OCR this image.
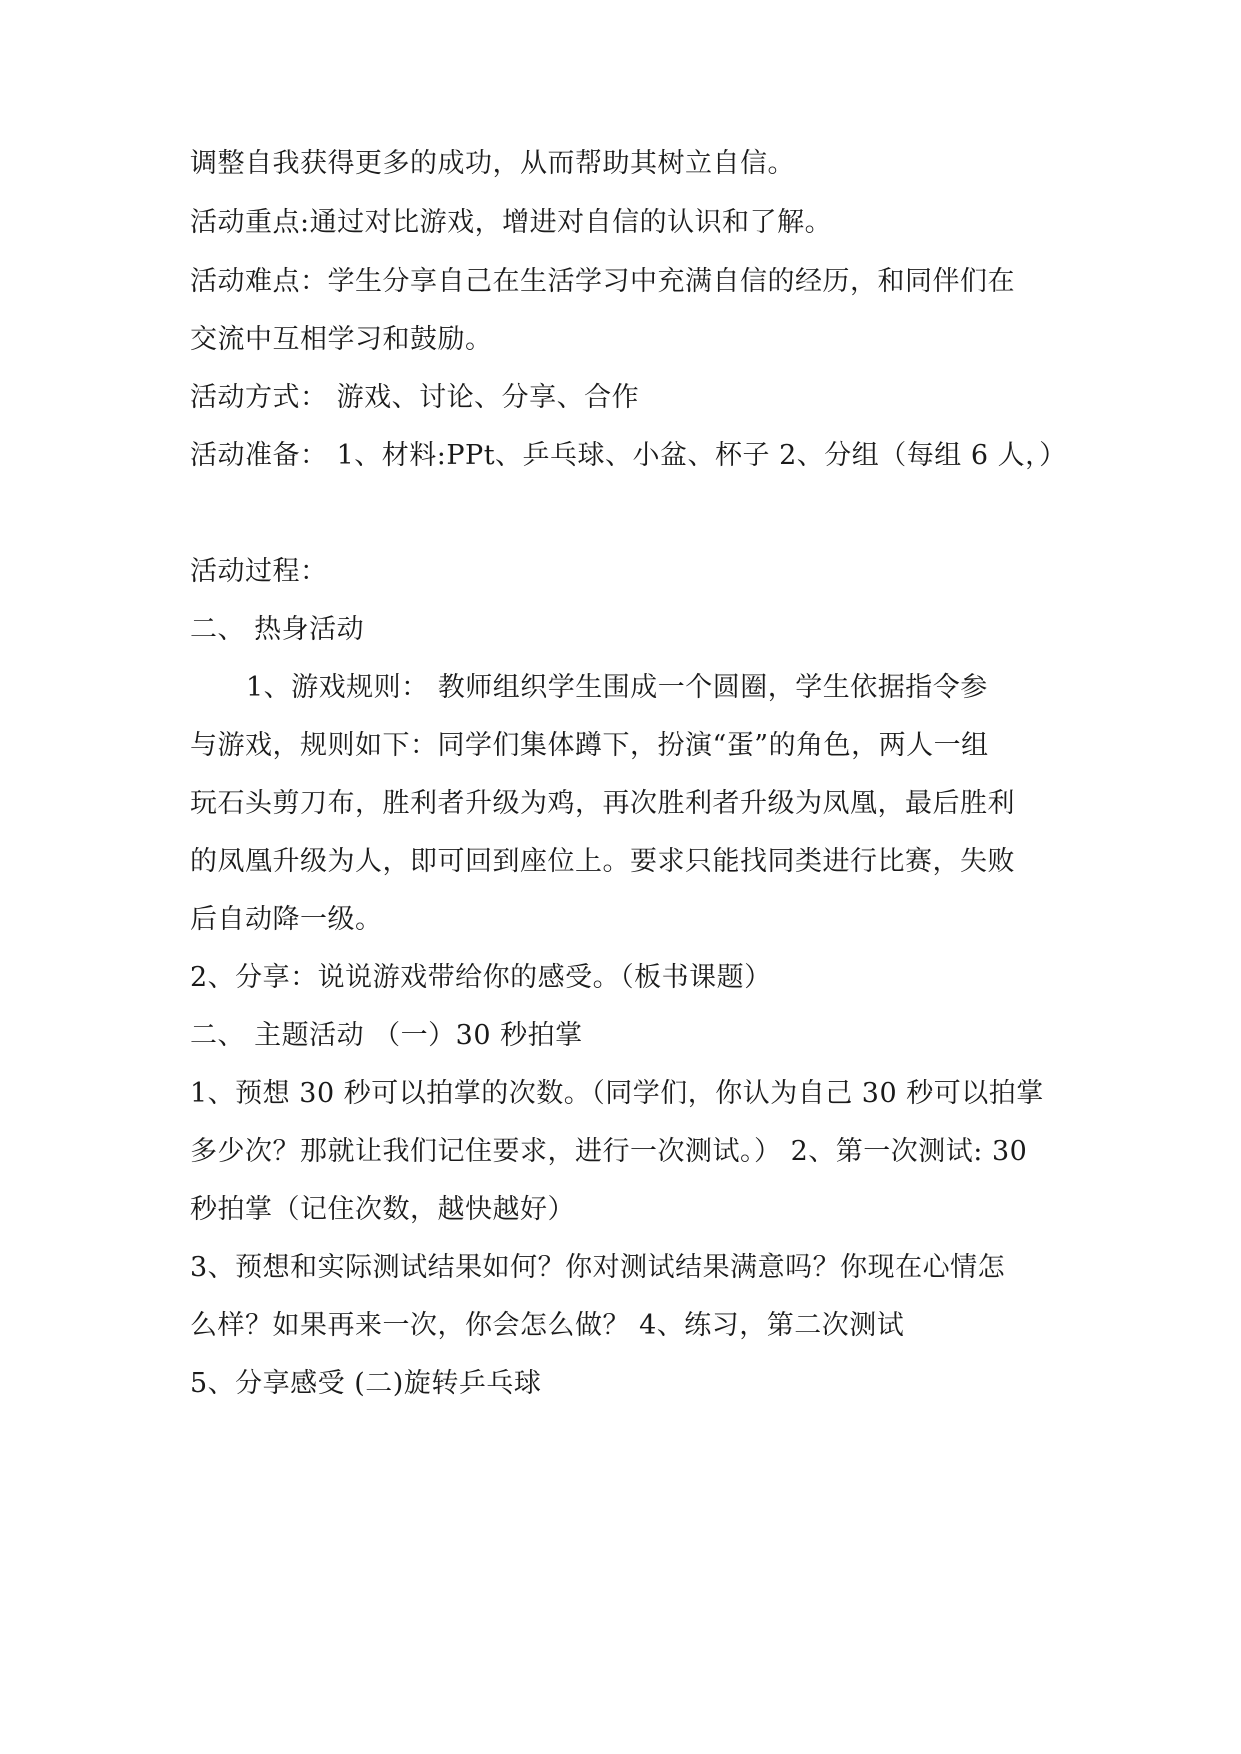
调整自我获得更多的成功，从而帮助其树立自信。
活动重点:通过对比游戏，增进对自信的认识和了解。
活动难点：学生分享自己在生活学习中充满自信的经历，和同伴们在
交流中互相学习和鼓励。
活动方式： 游戏、讨论、分享、合作
活动准备： 1、材料:PPt、乒乓球、小盆、杯子 2、分组（每组 6 人，）
活动过程：
二、 热身活动
1、游戏规则： 教师组织学生围成一个圆圈，学生依据指令参
与游戏，规则如下：同学们集体蹲下，扮演“蛋”的角色，两人一组
玩石头剪刀布，胜利者升级为鸡，再次胜利者升级为凤凰，最后胜利
的凤凰升级为人，即可回到座位上。要求只能找同类进行比赛，失败
后自动降一级。
2、分享：说说游戏带给你的感受。（板书课题）
二、 主题活动 （一）30 秒拍掌
1、预想 30 秒可以拍掌的次数。（同学们，你认为自己 30 秒可以拍掌
多少次？那就让我们记住要求，进行一次测试。） 2、第一次测试: 30
秒拍掌（记住次数，越快越好）
3、预想和实际测试结果如何？你对测试结果满意吗？你现在心情怎
么样？如果再来一次，你会怎么做？ 4、练习，第二次测试
5、分享感受 (二)旋转乒乓球
